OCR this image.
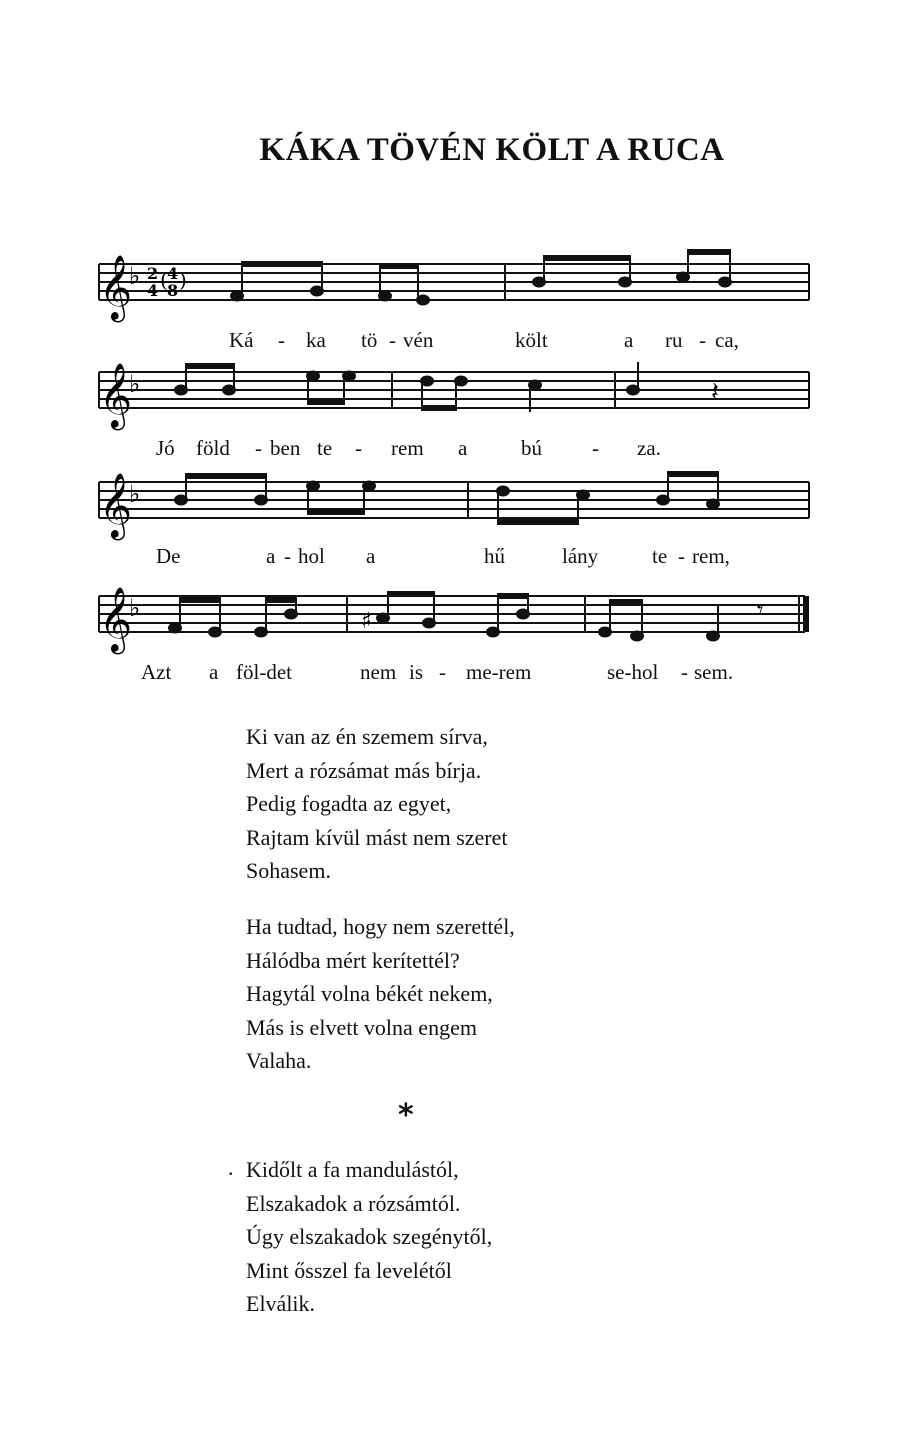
KÁKA TÖVÉN KÖLT A RUCA
𝄞
♭ 2
4 ( 4
8 )
Ká - ka tö - vén	költ	a ru - ca,
𝄞
♭	𝄽
Jó föld - ben te - rem a	bú - za.
𝄞
♭
De	a - hol a	hű	lány	te - rem,
𝄞
♭	♯	𝄾
Azt a föl-det	nem is - me-rem	se-hol - sem.
Ki van az én szemem sírva,
Mert a rózsámat más bírja.
Pedig fogadta az egyet,
Rajtam kívül mást nem szeret
Sohasem.
Ha tudtad, hogy nem szerettél,
Hálódba mért kerítettél?
Hagytál volna békét nekem,
Más is elvett volna engem
Valaha.
*
. Kidőlt a fa mandulástól,
Elszakadok a rózsámtól.
Úgy elszakadok szegénytől,
Mint ősszel fa levelétől
Elválik.
